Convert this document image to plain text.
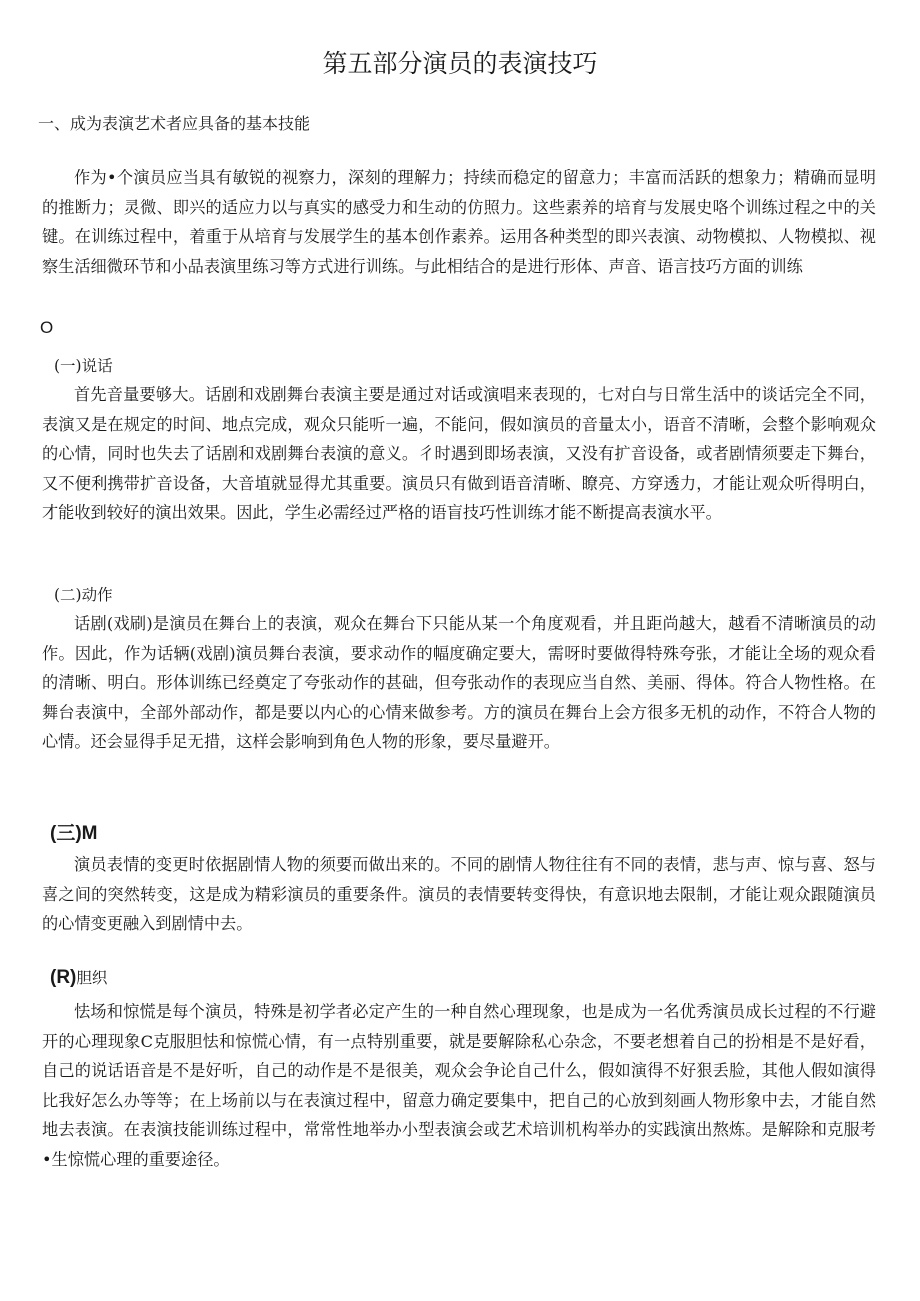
第五部分演员的表演技巧
一、成为表演艺术者应具备的基本技能

作为•个演员应当具有敏锐的视察力，深刻的理解力；持续而稳定的留意力；丰富而活跃的想象力；精确而显明的推断力；灵微、即兴的适应力以与真实的感受力和生动的仿照力。这些素养的培育与发展史咯个训练过程之中的关键。在训练过程中，着重于从培育与发展学生的基本创作素养。运用各种类型的即兴表演、动物模拟、人物模拟、视察生活细微环节和小品表演里练习等方式进行训练。与此相结合的是进行形体、声音、语言技巧方面的训练

O
(一)说话

首先音量要够大。话剧和戏剧舞台表演主要是通过对话或演唱来表现的，七对白与日常生活中的谈话完全不同，表演又是在规定的时间、地点完成，观众只能听一遍，不能问，假如演员的音量太小，语音不清晰，会整个影响观众的心情，同时也失去了话剧和戏剧舞台表演的意义。彳时遇到即场表演，又没有扩音设备，或者剧情须要走下舞台，又不便利携带扩音设备，大音埴就显得尤其重要。演员只有做到语音清晰、瞭亮、方穿透力，才能让观众听得明白，才能收到较好的演出效果。因此，学生必需经过严格的语盲技巧性训练才能不断提高表演水平。

(二)动作

话剧(戏刷)是演员在舞台上的表演，观众在舞台下只能从某一个角度观看，并且距尚越大，越看不清晰演员的动作。因此，作为话辆(戏剧)演员舞台表演，要求动作的幅度确定要大，需呀时要做得特殊夸张，才能让全场的观众看的清晰、明白。形体训练已经奠定了夸张动作的甚础，但夸张动作的表现应当自然、美丽、得体。符合人物性格。在舞台表演中，全部外部动作，都是要以内心的心情来做参考。方的演员在舞台上会方很多无机的动作，不符合人物的心情。还会显得手足无措，这样会影响到角色人物的形象，要尽量避开。

(三)M

演员表情的变更时依据剧情人物的须要而做出来的。不同的剧情人物往往有不同的表情，悲与声、惊与喜、怒与喜之间的突然转变，这是成为精彩演员的重要条件。演员的表情要转变得快，有意识地去限制，才能让观众跟随演员的心情变更融入到剧情中去。

(R)胆织

怯场和惊慌是每个演员，特殊是初学者必定产生的一种自然心理现象，也是成为一名优秀演员成长过程的不行避开的心理现象C克服胆怯和惊慌心情，有一点特别重要，就是要解除私心杂念，不要老想着自己的扮相是不是好看，自己的说话语音是不是好听，自己的动作是不是很美，观众会争论自己什么，假如演得不好狠丢脸，其他人假如演得比我好怎么办等等；在上场前以与在表演过程中，留意力确定要集中，把自己的心放到刻画人物形象中去，才能自然地去表演。在表演技能训练过程中，常常性地举办小型表演会或艺术培训机构举办的实践演出熬炼。是解除和克服考•生惊慌心理的重要途径。
